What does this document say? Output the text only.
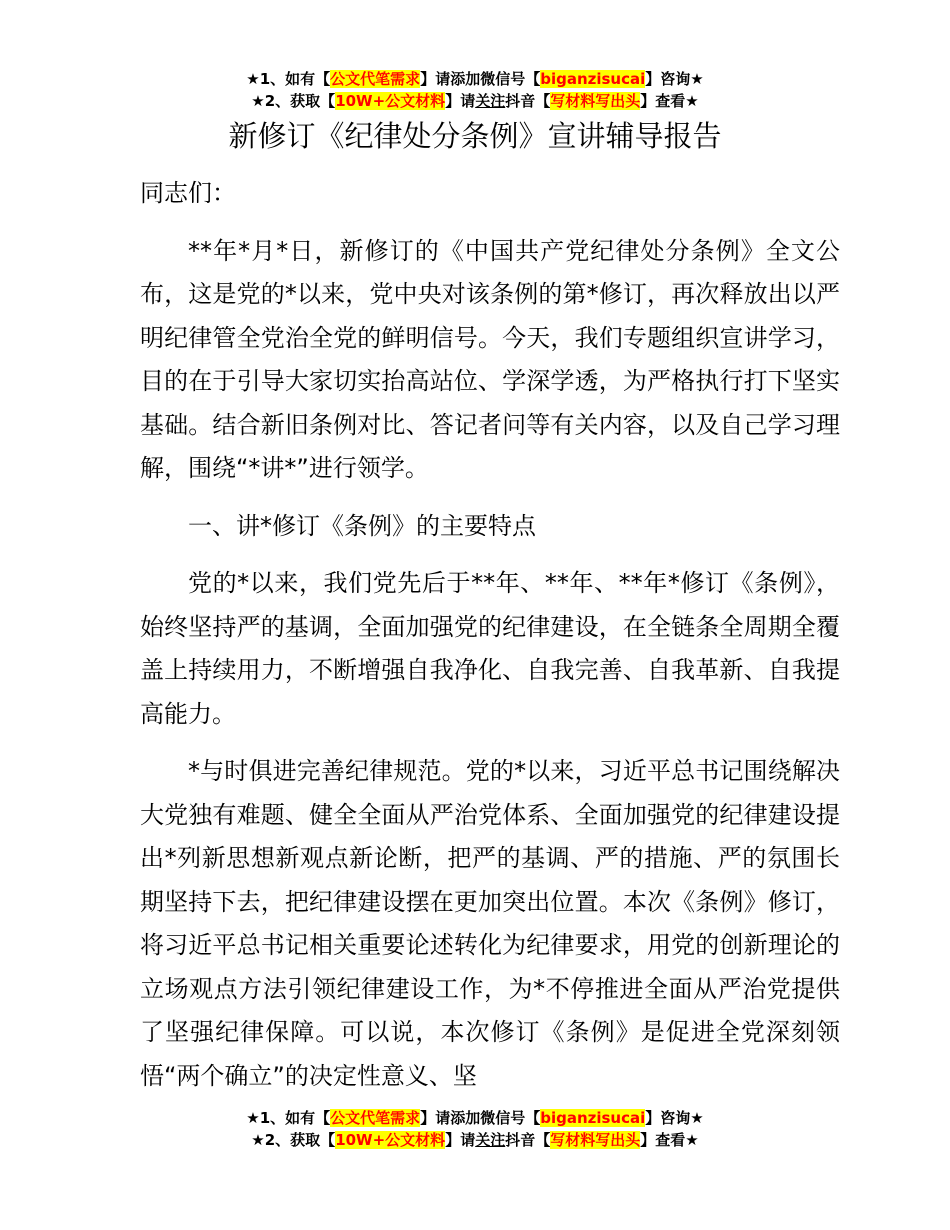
★1、如有【公文代笔需求】请添加微信号【biganzisucai】咨询★
★2、获取【10W+公文材料】请关注抖音【写材料写出头】查看★
新修订《纪律处分条例》宣讲辅导报告

同志们：

**年*月*日，新修订的《中国共产党纪律处分条例》全文公布，这是党的*以来，党中央对该条例的第*修订，再次释放出以严明纪律管全党治全党的鲜明信号。今天，我们专题组织宣讲学习，目的在于引导大家切实抬高站位、学深学透，为严格执行打下坚实基础。结合新旧条例对比、答记者问等有关内容，以及自己学习理解，围绕“*讲*”进行领学。

一、讲*修订《条例》的主要特点

党的*以来，我们党先后于**年、**年、**年*修订《条例》，始终坚持严的基调，全面加强党的纪律建设，在全链条全周期全覆盖上持续用力，不断增强自我净化、自我完善、自我革新、自我提高能力。

*与时俱进完善纪律规范。党的*以来，习近平总书记围绕解决大党独有难题、健全全面从严治党体系、全面加强党的纪律建设提出*列新思想新观点新论断，把严的基调、严的措施、严的氛围长期坚持下去，把纪律建设摆在更加突出位置。本次《条例》修订，将习近平总书记相关重要论述转化为纪律要求，用党的创新理论的立场观点方法引领纪律建设工作，为*不停推进全面从严治党提供了坚强纪律保障。可以说，本次修订《条例》是促进全党深刻领悟“两个确立”的决定性意义、坚

★1、如有【公文代笔需求】请添加微信号【biganzisucai】咨询★
★2、获取【10W+公文材料】请关注抖音【写材料写出头】查看★
